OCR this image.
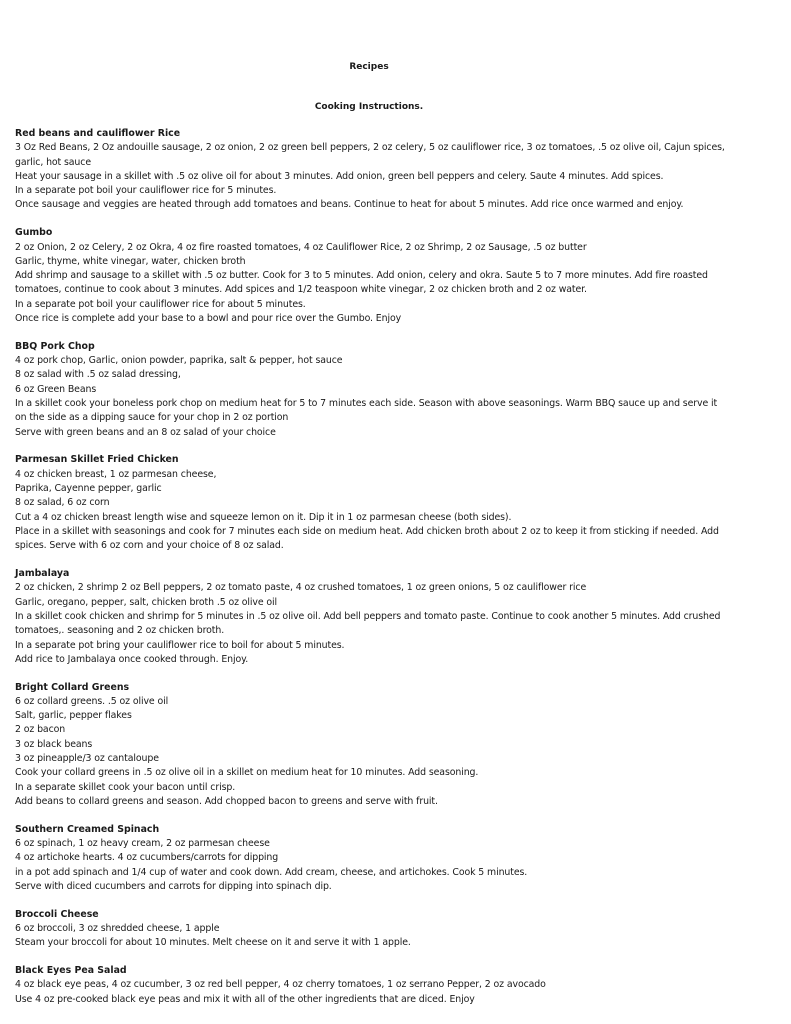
Recipes
Cooking Instructions.
Red beans and cauliflower Rice
3 Oz Red Beans, 2 Oz andouille sausage, 2 oz onion, 2 oz green bell peppers, 2 oz celery, 5 oz cauliflower rice, 3 oz tomatoes, .5 oz olive oil, Cajun spices, garlic, hot sauce
Heat your sausage in a skillet with .5 oz olive oil for about 3 minutes. Add onion, green bell peppers and celery. Saute 4 minutes. Add spices.
In a separate pot boil your cauliflower rice for 5 minutes.
Once sausage and veggies are heated through add tomatoes and beans. Continue to heat for about 5 minutes. Add rice once warmed and enjoy.
Gumbo
2 oz Onion, 2 oz Celery, 2 oz Okra, 4 oz fire roasted tomatoes, 4 oz Cauliflower Rice, 2 oz Shrimp, 2 oz Sausage, .5 oz butter
Garlic, thyme, white vinegar, water, chicken broth
Add shrimp and sausage to a skillet with .5 oz butter. Cook for 3 to 5 minutes. Add onion, celery and okra. Saute 5 to 7 more minutes. Add fire roasted tomatoes, continue to cook about 3 minutes. Add spices and 1/2 teaspoon white vinegar, 2 oz chicken broth and 2 oz water.
In a separate pot boil your cauliflower rice for about 5 minutes.
Once rice is complete add your base to a bowl and pour rice over the Gumbo. Enjoy
BBQ Pork Chop
4 oz pork chop, Garlic, onion powder, paprika, salt & pepper, hot sauce
8 oz salad with .5 oz salad dressing,
6 oz Green Beans
In a skillet cook your boneless pork chop on medium heat for 5 to 7 minutes each side. Season with above seasonings. Warm BBQ sauce up and serve it on the side as a dipping sauce for your chop in 2 oz portion
Serve with green beans and an 8 oz salad of your choice
Parmesan Skillet Fried Chicken
4 oz chicken breast, 1 oz parmesan cheese,
Paprika, Cayenne pepper, garlic
8 oz salad, 6 oz corn
Cut a 4 oz chicken breast length wise and squeeze lemon on it. Dip it in 1 oz parmesan cheese (both sides).
Place in a skillet with seasonings and cook for 7 minutes each side on medium heat. Add chicken broth about 2 oz to keep it from sticking if needed. Add spices. Serve with 6 oz corn and your choice of 8 oz salad.
Jambalaya
2 oz chicken, 2 shrimp 2 oz Bell peppers, 2 oz tomato paste, 4 oz crushed tomatoes, 1 oz green onions, 5 oz cauliflower rice
Garlic, oregano, pepper, salt, chicken broth .5 oz olive oil
In a skillet cook chicken and shrimp for 5 minutes in .5 oz olive oil. Add bell peppers and tomato paste. Continue to cook another 5 minutes. Add crushed tomatoes,. seasoning and 2 oz chicken broth.
In a separate pot bring your cauliflower rice to boil for about 5 minutes.
Add rice to Jambalaya once cooked through. Enjoy.
Bright Collard Greens
6 oz collard greens. .5 oz olive oil
Salt, garlic, pepper flakes
2 oz bacon
3 oz black beans
3 oz pineapple/3 oz cantaloupe
Cook your collard greens in .5 oz olive oil in a skillet on medium heat for 10 minutes. Add seasoning.
In a separate skillet cook your bacon until crisp.
Add beans to collard greens and season. Add chopped bacon to greens and serve with fruit.
Southern Creamed Spinach
6 oz spinach, 1 oz heavy cream, 2 oz parmesan cheese
4 oz artichoke hearts. 4 oz cucumbers/carrots for dipping
in a pot add spinach and 1/4 cup of water and cook down. Add cream, cheese, and artichokes. Cook 5 minutes.
Serve with diced cucumbers and carrots for dipping into spinach dip.
Broccoli Cheese
6 oz broccoli, 3 oz shredded cheese, 1 apple
Steam your broccoli for about 10 minutes. Melt cheese on it and serve it with 1 apple.
Black Eyes Pea Salad
4 oz black eye peas, 4 oz cucumber, 3 oz red bell pepper, 4 oz cherry tomatoes, 1 oz serrano Pepper, 2 oz avocado
Use 4 oz pre-cooked black eye peas and mix it with all of the other ingredients that are diced. Enjoy
